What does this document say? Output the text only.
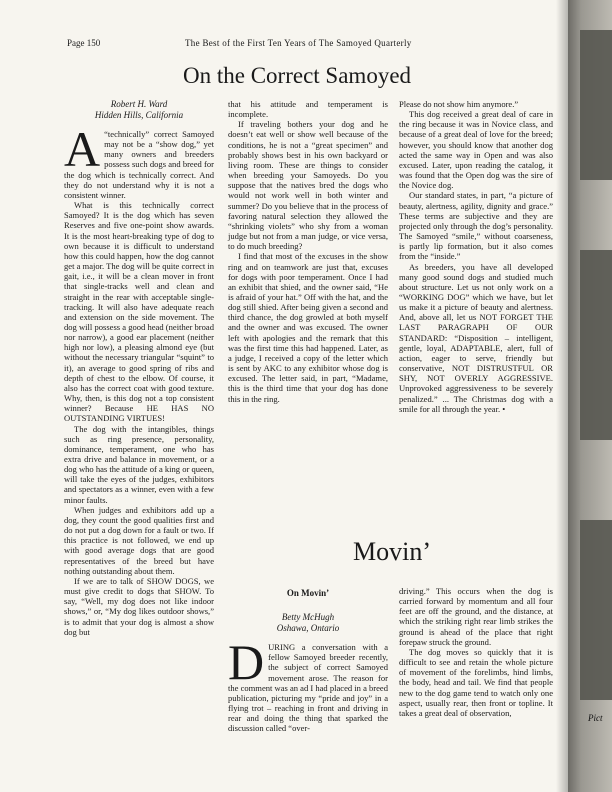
Page 150	The Best of the First Ten Years of The Samoyed Quarterly
On the Correct Samoyed
Robert H. Ward
Hidden Hills, California

A “technically” correct Samoyed may not be a “show dog,” yet many owners and breeders possess such dogs and breed for the dog which is technically correct. And they do not understand why it is not a consistent winner.

What is this technically correct Samoyed? It is the dog which has seven Reserves and five one-point show awards. It is the most heart-breaking type of dog to own because it is difficult to understand how this could happen, how the dog cannot get a major. The dog will be quite correct in gait, i.e., it will be a clean mover in front that single-tracks well and clean and straight in the rear with acceptable single-tracking. It will also have adequate reach and extension on the side movement. The dog will possess a good head (neither broad nor narrow), a good ear placement (neither high nor low), a pleasing almond eye (but without the necessary triangular “squint” to it), an average to good spring of ribs and depth of chest to the elbow. Of course, it also has the correct coat with good texture. Why, then, is this dog not a top consistent winner? Because HE HAS NO OUTSTANDING VIRTUES!

The dog with the intangibles, things such as ring presence, personality, dominance, temperament, one who has extra drive and balance in movement, or a dog who has the attitude of a king or queen, will take the eyes of the judges, exhibitors and spectators as a winner, even with a few minor faults.

When judges and exhibitors add up a dog, they count the good qualities first and do not put a dog down for a fault or two. If this practice is not followed, we end up with good average dogs that are good representatives of the breed but have nothing outstanding about them.

If we are to talk of SHOW DOGS, we must give credit to dogs that SHOW. To say, “Well, my dog does not like indoor shows,” or, “My dog likes outdoor shows,” is to admit that your dog is almost a show dog but

that his attitude and temperament is incomplete.

If traveling bothers your dog and he doesn’t eat well or show well because of the conditions, he is not a “great specimen” and probably shows best in his own backyard or living room. These are things to consider when breeding your Samoyeds. Do you suppose that the natives bred the dogs who would not work well in both winter and summer? Do you believe that in the process of favoring natural selection they allowed the “shrinking violets” who shy from a woman judge but not from a man judge, or vice versa, to do much breeding?

I find that most of the excuses in the show ring and on teamwork are just that, excuses for dogs with poor temperament. Once I had an exhibit that shied, and the owner said, “He is afraid of your hat.” Off with the hat, and the dog still shied. After being given a second and third chance, the dog growled at both myself and the owner and was excused. The owner left with apologies and the remark that this was the first time this had happened. Later, as a judge, I received a copy of the letter which is sent by AKC to any exhibitor whose dog is excused. The letter said, in part, “Madame, this is the third time that your dog has done this in the ring.

Please do not show him anymore.”

This dog received a great deal of care in the ring because it was in Novice class, and because of a great deal of love for the breed; however, you should know that another dog acted the same way in Open and was also excused. Later, upon reading the catalog, it was found that the Open dog was the sire of the Novice dog.

Our standard states, in part, “a picture of beauty, alertness, agility, dignity and grace.” These terms are subjective and they are projected only through the dog’s personality. The Samoyed “smile,” without coarseness, is partly lip formation, but it also comes from the “inside.”

As breeders, you have all developed many good sound dogs and studied much about structure. Let us not only work on a “WORKING DOG” which we have, but let us make it a picture of beauty and alertness. And, above all, let us NOT FORGET THE LAST PARAGRAPH OF OUR STANDARD: “Disposition – intelligent, gentle, loyal, ADAPTABLE, alert, full of action, eager to serve, friendly but conservative, NOT DISTRUSTFUL OR SHY, NOT OVERLY AGGRESSIVE. Unprovoked aggressiveness to be severely penalized.” ... The Christmas dog with a smile for all through the year. •

Movin’
On Movin’
Betty McHugh
Oshawa, Ontario

DURING a conversation with a fellow Samoyed breeder recently, the subject of correct Samoyed movement arose. The reason for the comment was an ad I had placed in a breed publication, picturing my “pride and joy” in a flying trot – reaching in front and driving in rear and doing the thing that sparked the discussion called “over-

driving.” This occurs when the dog is carried forward by momentum and all four feet are off the ground, and the distance, at which the striking right rear limb strikes the ground is ahead of the place that right forepaw struck the ground.

The dog moves so quickly that it is difficult to see and retain the whole picture of movement of the forelimbs, hind limbs, the body, head and tail. We find that people new to the dog game tend to watch only one aspect, usually rear, then front or topline. It takes a great deal of observation,

Pict
